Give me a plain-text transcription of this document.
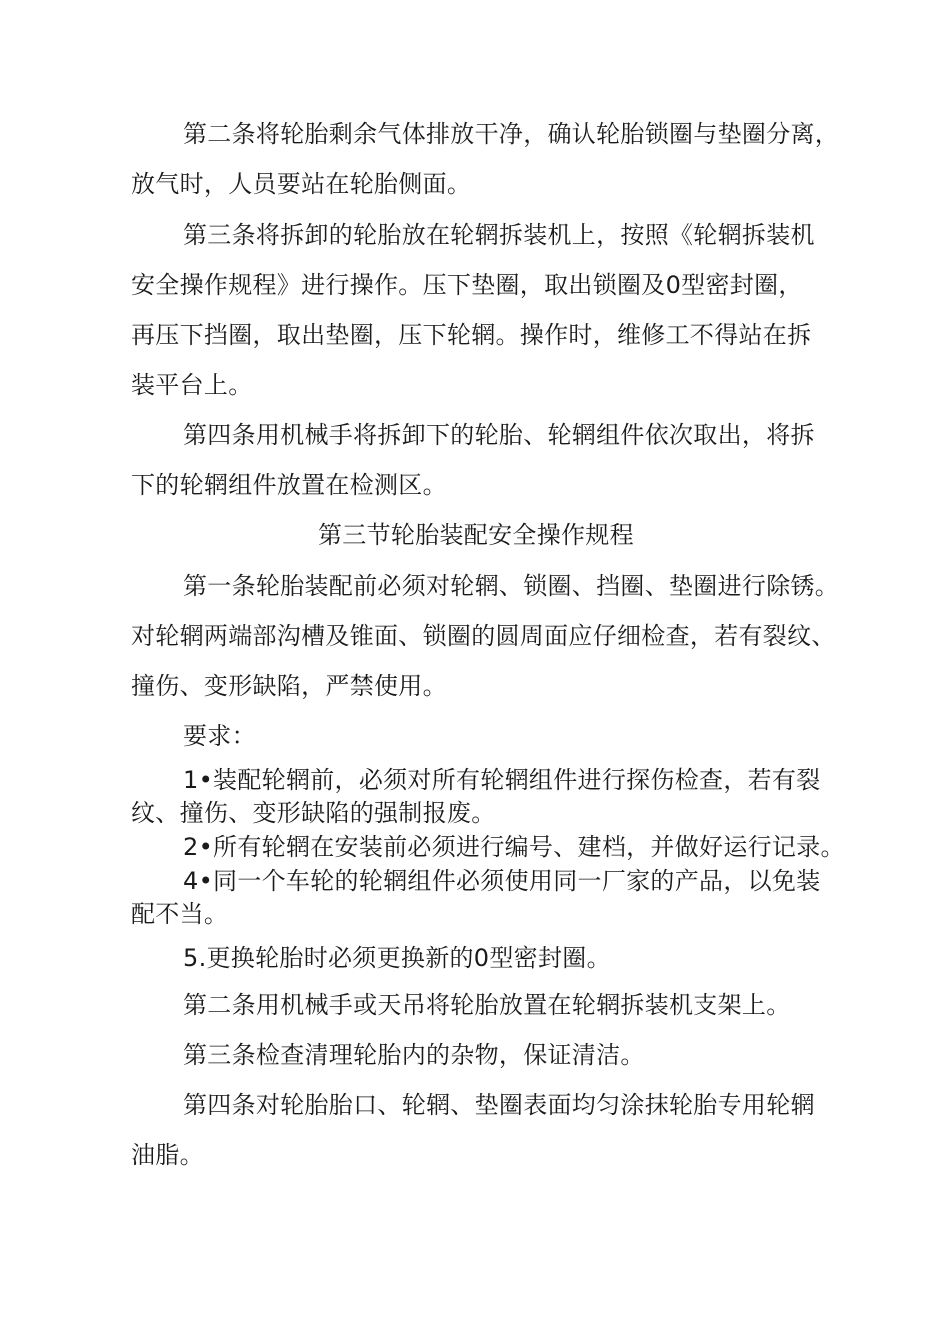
第二条将轮胎剩余气体排放干净，确认轮胎锁圈与垫圈分离，
放气时，人员要站在轮胎侧面。
第三条将拆卸的轮胎放在轮辋拆装机上，按照《轮辋拆装机
安全操作规程》进行操作。压下垫圈，取出锁圈及0型密封圈，
再压下挡圈，取出垫圈，压下轮辋。操作时，维修工不得站在拆
装平台上。
第四条用机械手将拆卸下的轮胎、轮辋组件依次取出，将拆
下的轮辋组件放置在检测区。
第三节轮胎装配安全操作规程
第一条轮胎装配前必须对轮辋、锁圈、挡圈、垫圈进行除锈。
对轮辋两端部沟槽及锥面、锁圈的圆周面应仔细检查，若有裂纹、
撞伤、变形缺陷，严禁使用。
要求：
1•装配轮辋前，必须对所有轮辋组件进行探伤检查，若有裂
纹、撞伤、变形缺陷的强制报废。
2•所有轮辋在安装前必须进行编号、建档，并做好运行记录。
4•同一个车轮的轮辋组件必须使用同一厂家的产品，以免装
配不当。
5.更换轮胎时必须更换新的0型密封圈。
第二条用机械手或天吊将轮胎放置在轮辋拆装机支架上。
第三条检查清理轮胎内的杂物，保证清洁。
第四条对轮胎胎口、轮辋、垫圈表面均匀涂抹轮胎专用轮辋
油脂。
